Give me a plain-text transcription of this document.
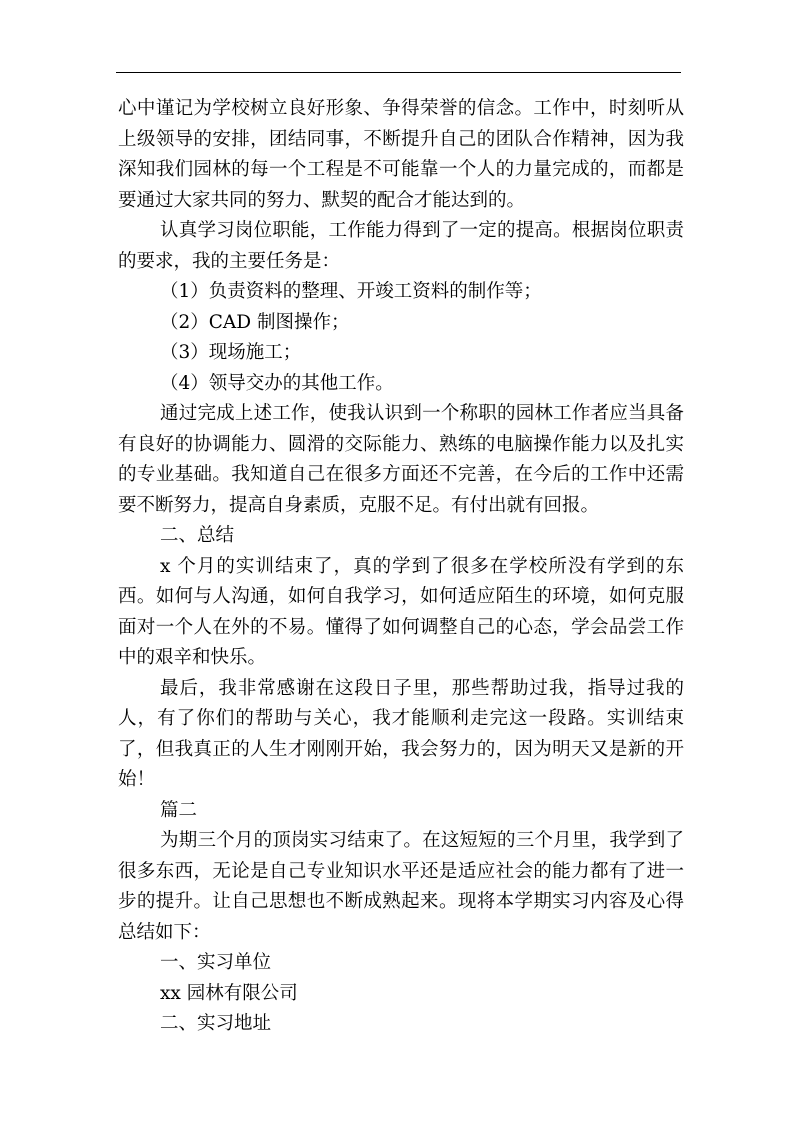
心中谨记为学校树立良好形象、争得荣誉的信念。工作中，时刻听从上级领导的安排，团结同事，不断提升自己的团队合作精神，因为我深知我们园林的每一个工程是不可能靠一个人的力量完成的，而都是要通过大家共同的努力、默契的配合才能达到的。

认真学习岗位职能，工作能力得到了一定的提高。根据岗位职责的要求，我的主要任务是：

（1）负责资料的整理、开竣工资料的制作等；

（2）CAD 制图操作；

（3）现场施工；

（4）领导交办的其他工作。

通过完成上述工作，使我认识到一个称职的园林工作者应当具备有良好的协调能力、圆滑的交际能力、熟练的电脑操作能力以及扎实的专业基础。我知道自己在很多方面还不完善，在今后的工作中还需要不断努力，提高自身素质，克服不足。有付出就有回报。

二、总结

x 个月的实训结束了，真的学到了很多在学校所没有学到的东西。如何与人沟通，如何自我学习，如何适应陌生的环境，如何克服面对一个人在外的不易。懂得了如何调整自己的心态，学会品尝工作中的艰辛和快乐。

最后，我非常感谢在这段日子里，那些帮助过我，指导过我的人，有了你们的帮助与关心，我才能顺利走完这一段路。实训结束了，但我真正的人生才刚刚开始，我会努力的，因为明天又是新的开始！

篇二

为期三个月的顶岗实习结束了。在这短短的三个月里，我学到了很多东西，无论是自己专业知识水平还是适应社会的能力都有了进一步的提升。让自己思想也不断成熟起来。现将本学期实习内容及心得总结如下：

一、实习单位

xx 园林有限公司

二、实习地址
